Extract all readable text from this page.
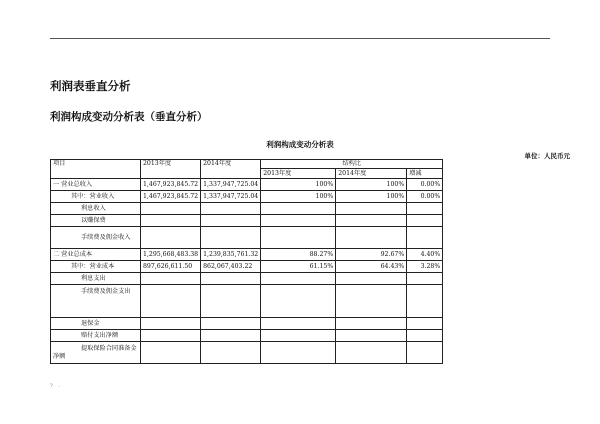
利润表垂直分析
利润构成变动分析表（垂直分析）
利润构成变动分析表
单位：人民币元
项目	2013年度	2014年度	结构比		
			2013年度	2014年度	增减
一 营业总收入	1,467,923,845.72	1,337,947,725.04	100%	100%	0.00%
其中：营业收入	1,467,923,845.72	1,337,947,725.04	100%	100%	0.00%
利息收入					
以赚保费					
手续费及佣金收入					
二 营业总成本	1,295,668,483.38	1,239,835,761.32	88.27%	92.67%	4.40%
其中：营业成本	897,626,611.50	862,067,403.22	61.15%	64.43%	3.28%
利息支出					
手续费及佣金支出					
退保金					
赔付支出净额					
提取保险合同准备金净额					
? .
